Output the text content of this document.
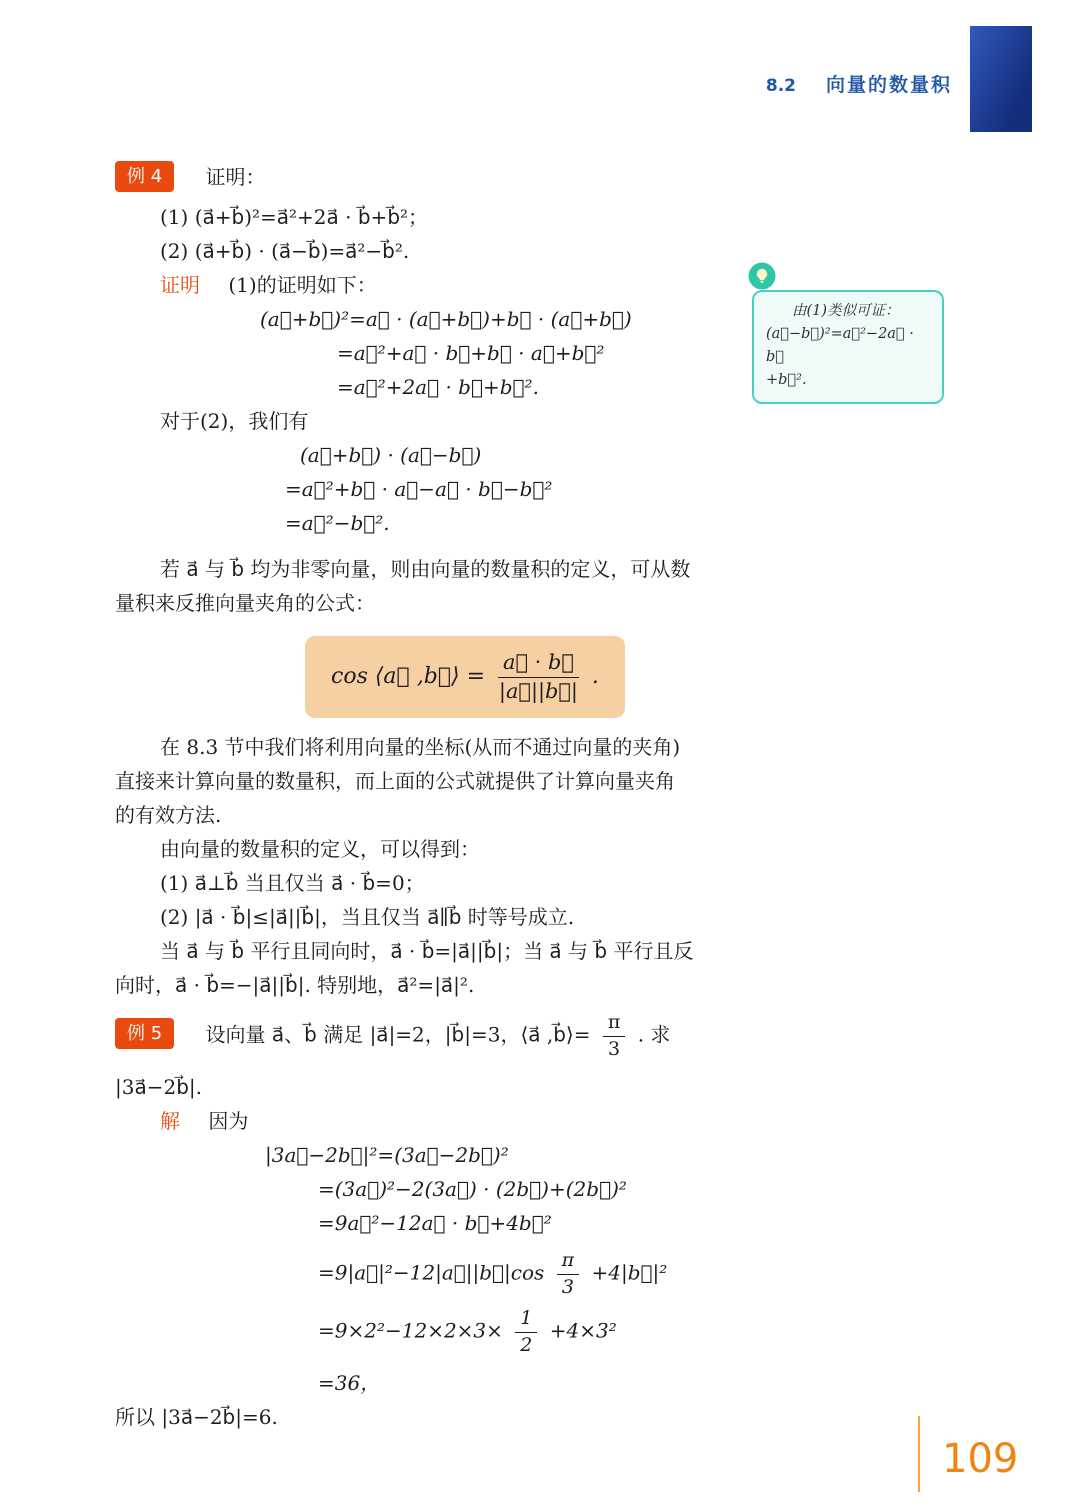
8.2 向量的数量积
由(1)类似可证：
(a⃗−b⃗)²=a⃗²−2a⃗ · b⃗
+b⃗².
例 4 证明：
(1) (a⃗+b⃗)²=a⃗²+2a⃗ · b⃗+b⃗²；
(2) (a⃗+b⃗) · (a⃗−b⃗)=a⃗²−b⃗².
证明 (1)的证明如下：
(a⃗+b⃗)²=a⃗ · (a⃗+b⃗)+b⃗ · (a⃗+b⃗)
=a⃗²+a⃗ · b⃗+b⃗ · a⃗+b⃗²
=a⃗²+2a⃗ · b⃗+b⃗².
对于(2)，我们有
(a⃗+b⃗) · (a⃗−b⃗)
=a⃗²+b⃗ · a⃗−a⃗ · b⃗−b⃗²
=a⃗²−b⃗².
若 a⃗ 与 b⃗ 均为非零向量，则由向量的数量积的定义，可从数
量积来反推向量夹角的公式：
cos ⟨a⃗ ,b⃗⟩ = $\frac{a⃗ \cdot b⃗}{|a⃗||b⃗|}$ .
在 8.3 节中我们将利用向量的坐标(从而不通过向量的夹角)
直接来计算向量的数量积，而上面的公式就提供了计算向量夹角
的有效方法.
由向量的数量积的定义，可以得到：
(1) a⃗⊥b⃗ 当且仅当 a⃗ · b⃗=0；
(2) |a⃗ · b⃗|≤|a⃗||b⃗|，当且仅当 a⃗∥b⃗ 时等号成立.
当 a⃗ 与 b⃗ 平行且同向时，a⃗ · b⃗=|a⃗||b⃗|；当 a⃗ 与 b⃗ 平行且反
向时，a⃗ · b⃗=−|a⃗||b⃗|. 特别地，a⃗²=|a⃗|².
例 5 设向量 a⃗、b⃗ 满足 |a⃗|=2，|b⃗|=3，⟨a⃗ ,b⃗⟩= $\frac{\pi}{3}$ . 求
|3a⃗−2b⃗|.
解 因为
|3a⃗−2b⃗|²=(3a⃗−2b⃗)²
=(3a⃗)²−2(3a⃗) · (2b⃗)+(2b⃗)²
=9a⃗²−12a⃗ · b⃗+4b⃗²
=9|a⃗|²−12|a⃗||b⃗|cos $\frac{\pi}{3}$ +4|b⃗|²
$=9\times 2^2-12\times 2\times 3\times \frac{1}{2} +4\times 3^2$
=36，
所以 |3a⃗−2b⃗|=6.
109
